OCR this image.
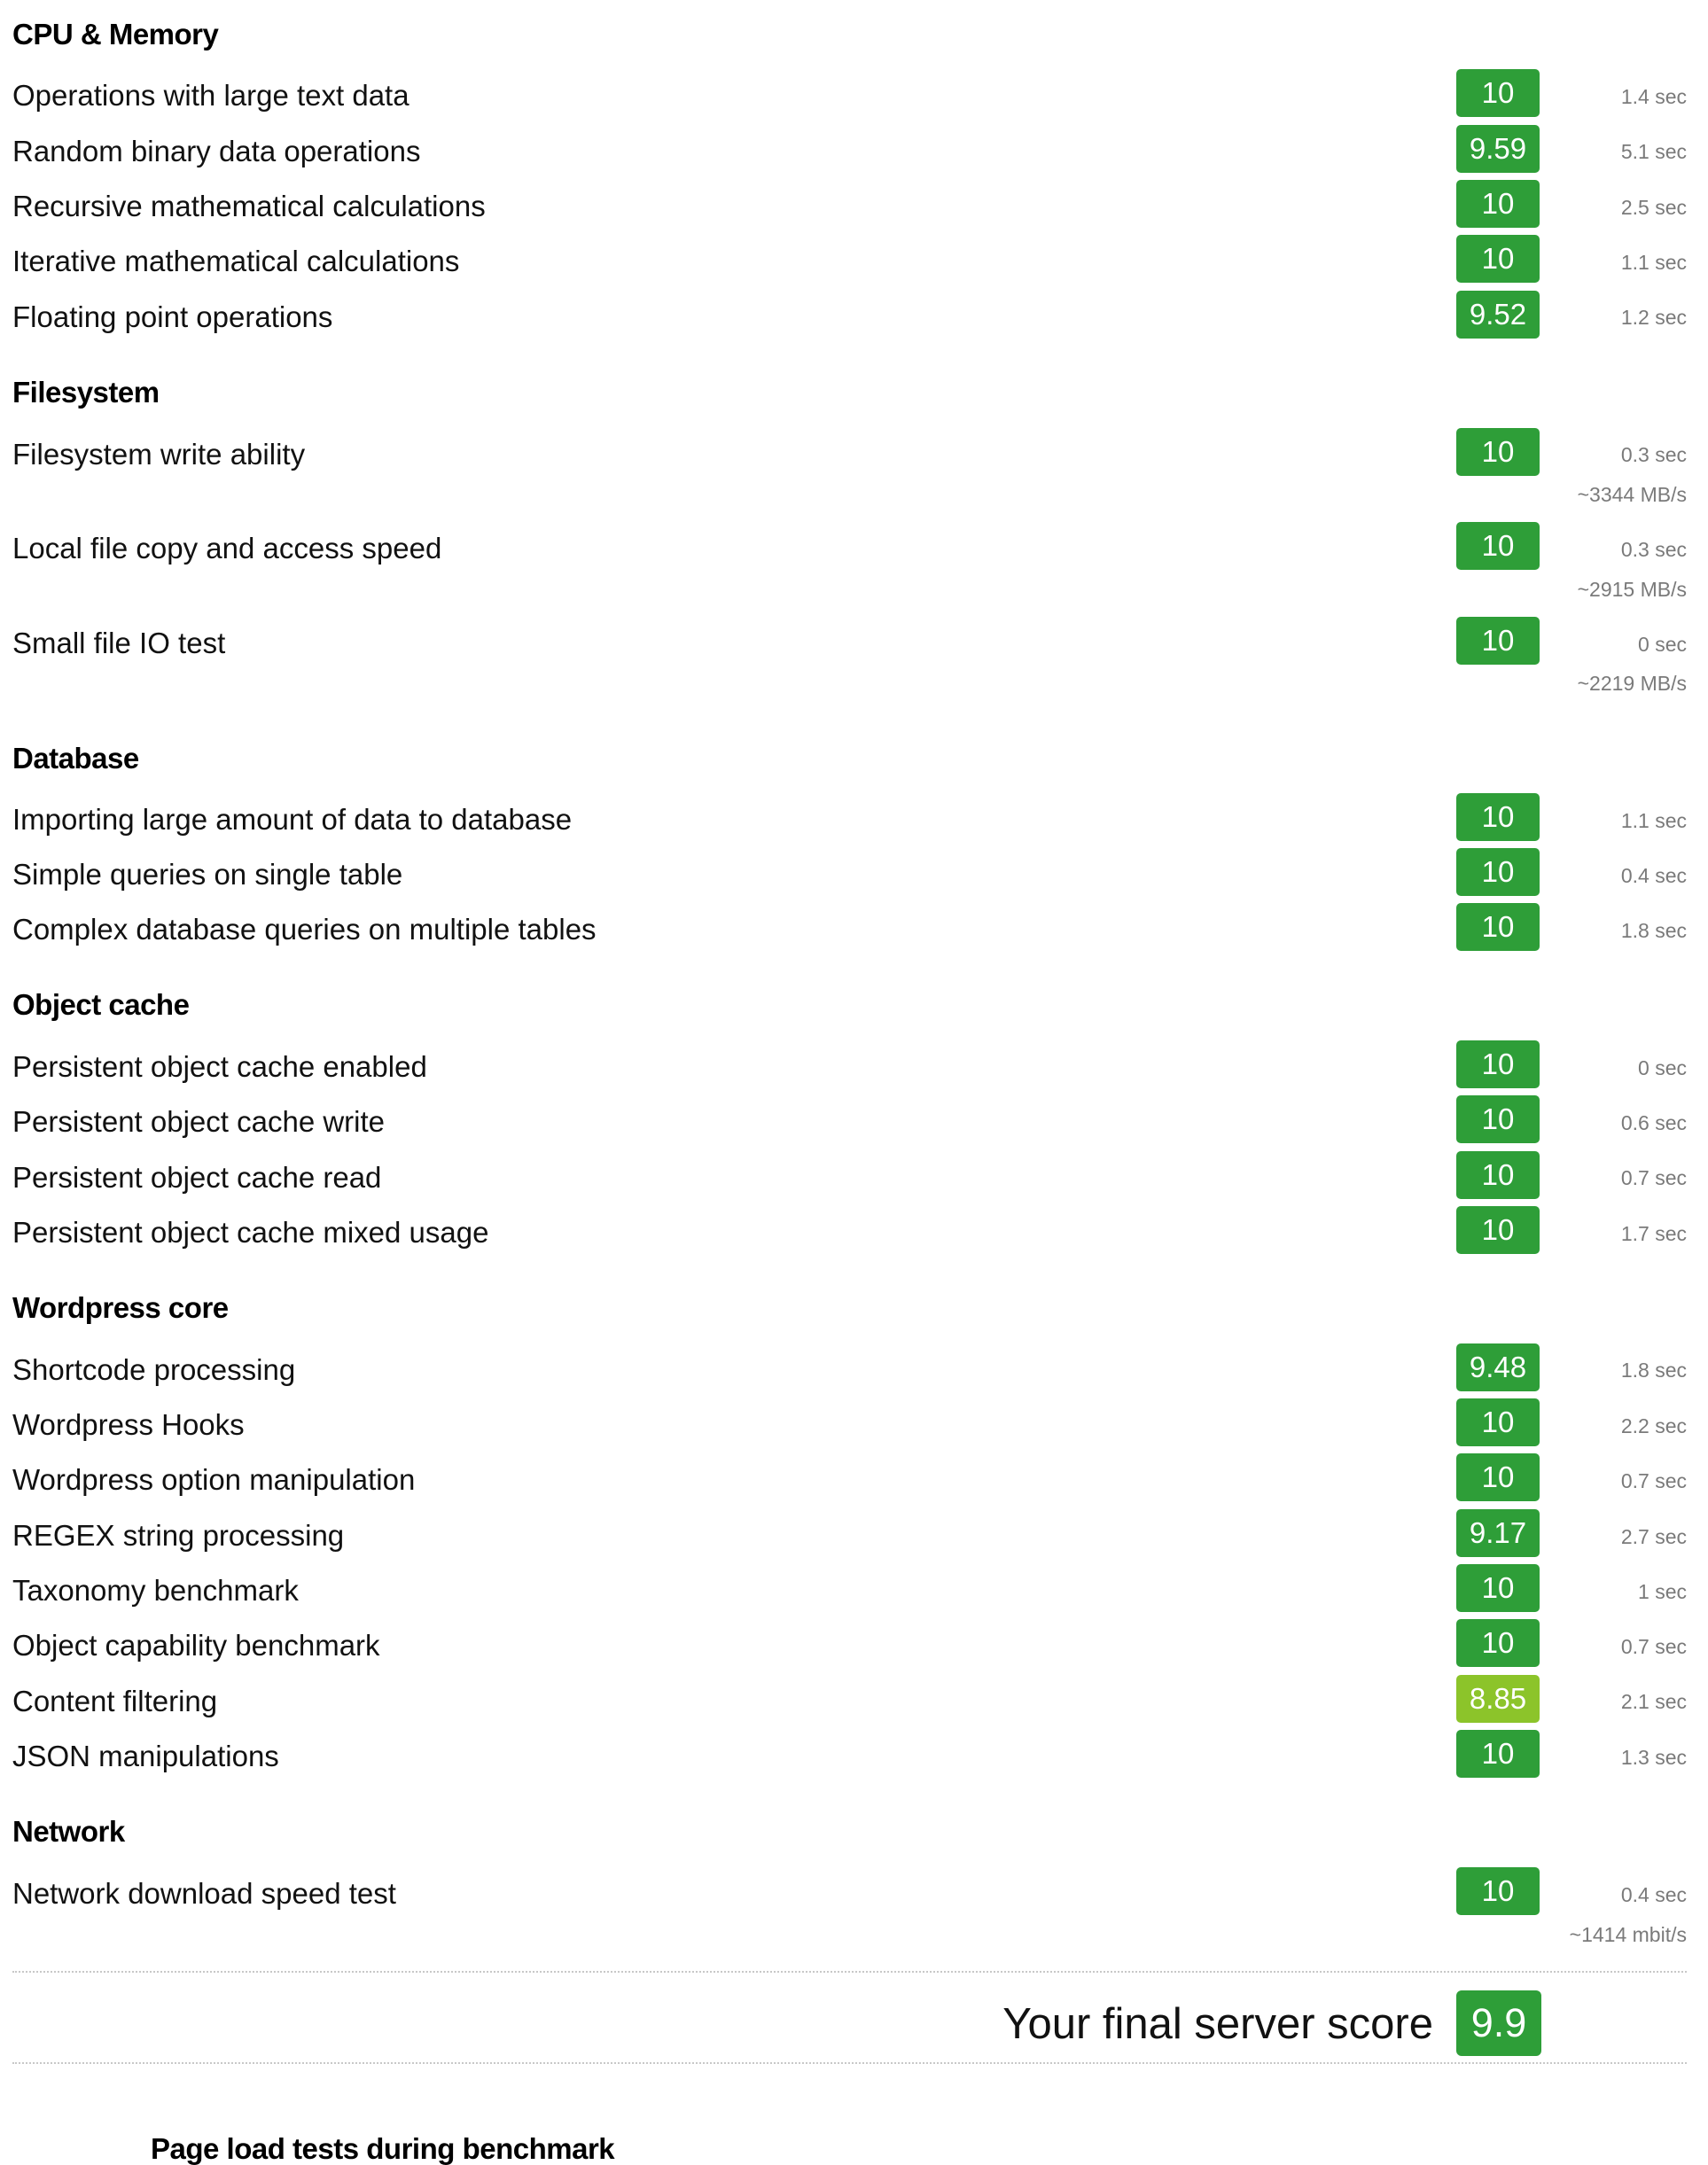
CPU & Memory
Operations with large text data	10	1.4 sec
Random binary data operations	9.59	5.1 sec
Recursive mathematical calculations	10	2.5 sec
Iterative mathematical calculations	10	1.1 sec
Floating point operations	9.52	1.2 sec
Filesystem
Filesystem write ability	10	0.3 sec
~3344 MB/s
Local file copy and access speed	10	0.3 sec
~2915 MB/s
Small file IO test	10	0 sec
~2219 MB/s
Database
Importing large amount of data to database	10	1.1 sec
Simple queries on single table	10	0.4 sec
Complex database queries on multiple tables	10	1.8 sec
Object cache
Persistent object cache enabled	10	0 sec
Persistent object cache write	10	0.6 sec
Persistent object cache read	10	0.7 sec
Persistent object cache mixed usage	10	1.7 sec
Wordpress core
Shortcode processing	9.48	1.8 sec
Wordpress Hooks	10	2.2 sec
Wordpress option manipulation	10	0.7 sec
REGEX string processing	9.17	2.7 sec
Taxonomy benchmark	10	1 sec
Object capability benchmark	10	0.7 sec
Content filtering	8.85	2.1 sec
JSON manipulations	10	1.3 sec
Network
Network download speed test	10	0.4 sec
~1414 mbit/s
Your final server score 9.9
Page load tests during benchmark
